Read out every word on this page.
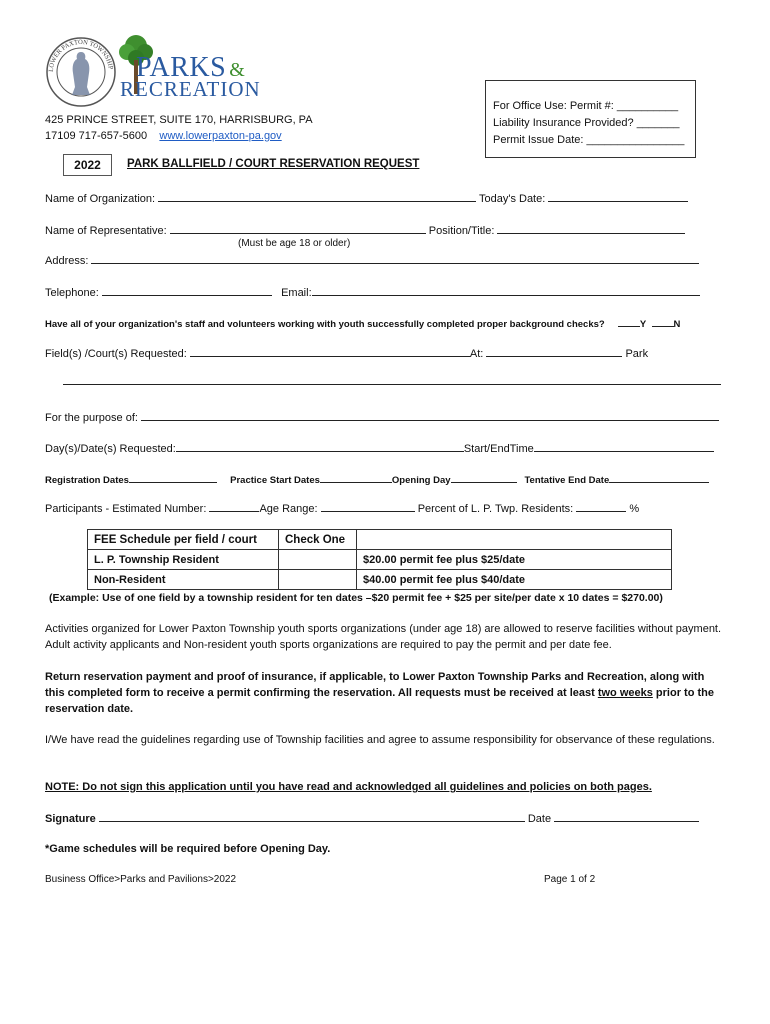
LOWER PAXTON TOWNSHIP PARKS &
RECREATION
425 PRINCE STREET, SUITE 170, HARRISBURG, PA
17109 717-657-5600 www.lowerpaxton-pa.gov
For Office Use: Permit #: __________
Liability Insurance Provided? _______
Permit Issue Date: ________________
2022	PARK BALLFIELD / COURT RESERVATION REQUEST
Name of Organization:	Today's Date:
Name of Representative:	Position/Title:
(Must be age 18 or older)
Address:
Telephone:	Email:
Have all of your organization's staff and volunteers working with youth successfully completed proper background checks?	Y	N
Field(s) /Court(s) Requested:	At:	Park
For the purpose of:
Day(s)/Date(s) Requested:	Start/EndTime
Registration Dates	Practice Start Dates	Opening Day	Tentative End Date
Participants - Estimated Number:	Age Range:	Percent of L. P. Twp. Residents:	%
FEE Schedule per field / court	Check One	
L. P. Township Resident		$20.00 permit fee plus $25/date
Non-Resident		$40.00 permit fee plus $40/date
(Example: Use of one field by a township resident for ten dates –$20 permit fee + $25 per site/per date x 10 dates = $270.00)
Activities organized for Lower Paxton Township youth sports organizations (under age 18) are allowed to reserve facilities without payment. Adult activity applicants and Non-resident youth sports organizations are required to pay the permit and per date fee.
Return reservation payment and proof of insurance, if applicable, to Lower Paxton Township Parks and Recreation, along with this completed form to receive a permit confirming the reservation. All requests must be received at least two weeks prior to the reservation date.
I/We have read the guidelines regarding use of Township facilities and agree to assume responsibility for observance of these regulations.
NOTE: Do not sign this application until you have read and acknowledged all guidelines and policies on both pages.
Signature	Date
*Game schedules will be required before Opening Day.
Business Office>Parks and Pavilions>2022	Page 1 of 2
